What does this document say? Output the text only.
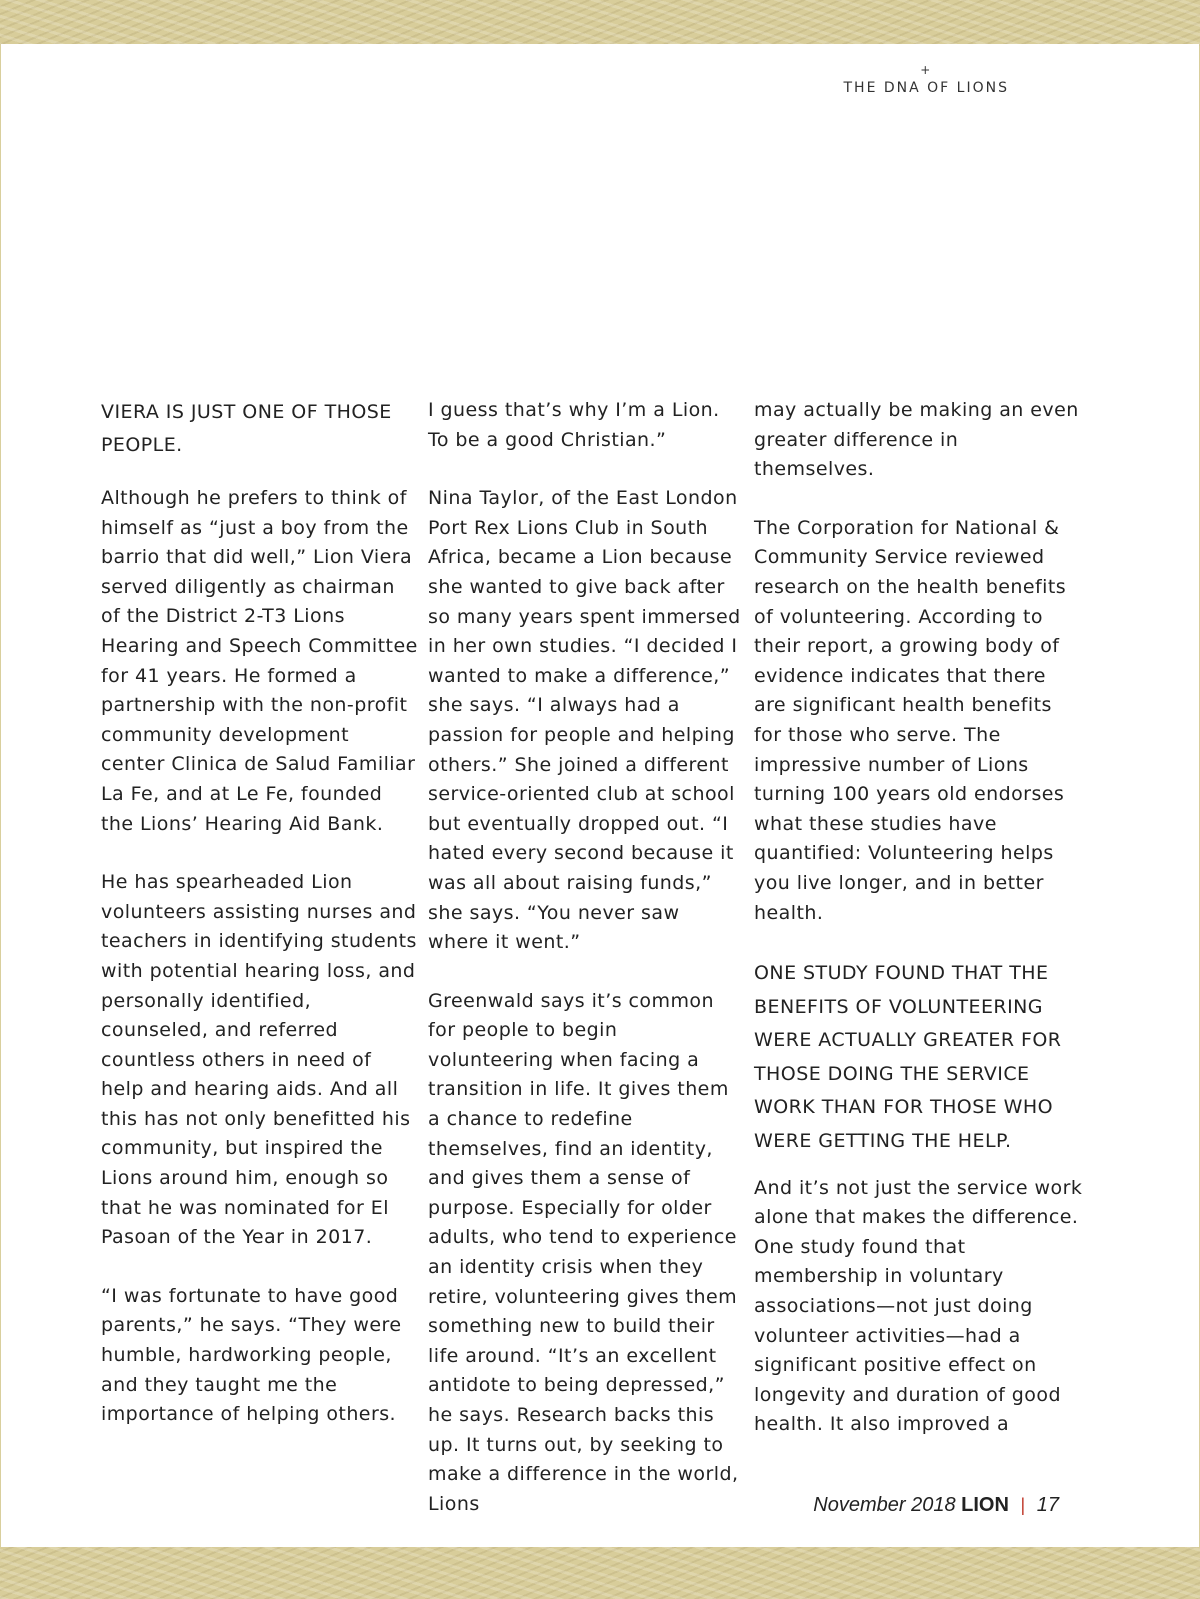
+
THE DNA OF LIONS

VIERA IS JUST ONE OF THOSE PEOPLE.

Although he prefers to think of himself as “just a boy from the barrio that did well,” Lion Viera served diligently as chairman of the District 2-T3 Lions Hearing and Speech Committee for 41 years. He formed a partnership with the non-profit community development center Clinica de Salud Familiar La Fe, and at Le Fe, founded the Lions’ Hearing Aid Bank.

He has spearheaded Lion volunteers assisting nurses and teachers in identifying students with potential hearing loss, and personally identified, counseled, and referred countless others in need of help and hearing aids. And all this has not only benefitted his community, but inspired the Lions around him, enough so that he was nominated for El Pasoan of the Year in 2017.

“I was fortunate to have good parents,” he says. “They were humble, hardworking people, and they taught me the importance of helping others.

I guess that’s why I’m a Lion. To be a good Christian.”

Nina Taylor, of the East London Port Rex Lions Club in South Africa, became a Lion because she wanted to give back after so many years spent immersed in her own studies. “I decided I wanted to make a difference,” she says. “I always had a passion for people and helping others.” She joined a different service-oriented club at school but eventually dropped out. “I hated every second because it was all about raising funds,” she says. “You never saw where it went.”

Greenwald says it’s common for people to begin volunteering when facing a transition in life. It gives them a chance to redefine themselves, find an identity, and gives them a sense of purpose. Especially for older adults, who tend to experience an identity crisis when they retire, volunteering gives them something new to build their life around. “It’s an excellent antidote to being depressed,” he says. Research backs this up. It turns out, by seeking to make a difference in the world, Lions

may actually be making an even greater difference in themselves.

The Corporation for National & Community Service reviewed research on the health benefits of volunteering. According to their report, a growing body of evidence indicates that there are significant health benefits for those who serve. The impressive number of Lions turning 100 years old endorses what these studies have quantified: Volunteering helps you live longer, and in better health.

ONE STUDY FOUND THAT THE BENEFITS OF VOLUNTEERING WERE ACTUALLY GREATER FOR THOSE DOING THE SERVICE WORK THAN FOR THOSE WHO WERE GETTING THE HELP.

And it’s not just the service work alone that makes the difference. One study found that membership in voluntary associations—not just doing volunteer activities—had a significant positive effect on longevity and duration of good health. It also improved a

November 2018 LION | 17
